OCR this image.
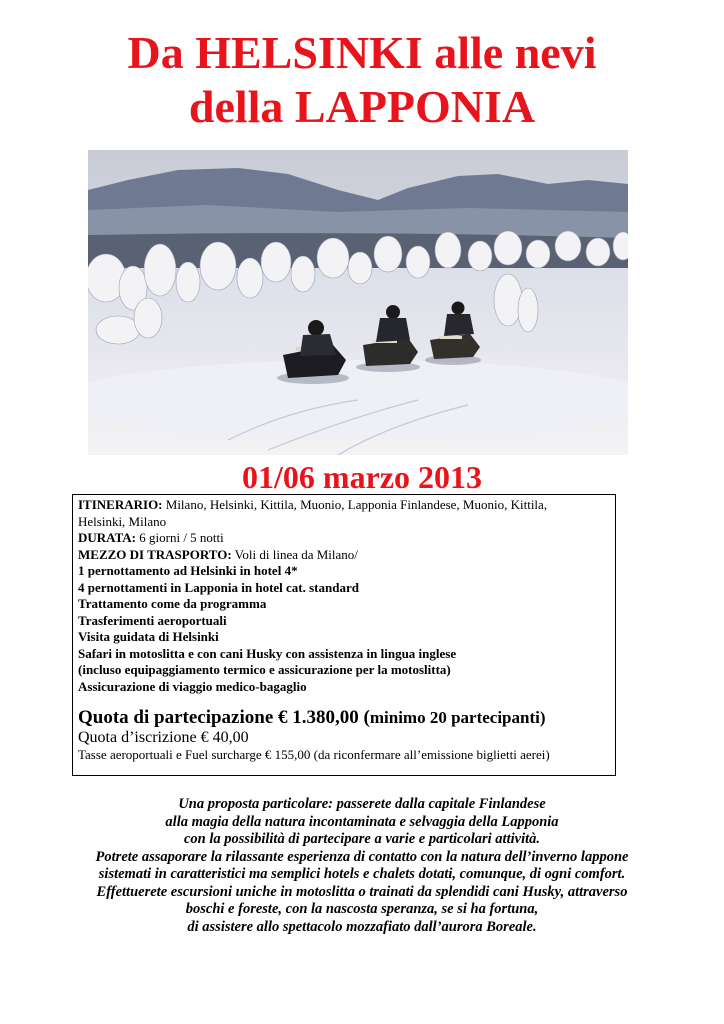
Da HELSINKI alle nevi
della LAPPONIA
01/06 marzo 2013
ITINERARIO: Milano, Helsinki, Kittila, Muonio, Lapponia Finlandese, Muonio, Kittila,
Helsinki, Milano
DURATA: 6 giorni / 5 notti
MEZZO DI TRASPORTO: Voli di linea da Milano/
1 pernottamento ad Helsinki in hotel 4*
4 pernottamenti in Lapponia in hotel cat. standard
Trattamento come da programma
Trasferimenti aeroportuali
Visita guidata di Helsinki
Safari in motoslitta e con cani Husky con assistenza in lingua inglese
(incluso equipaggiamento termico e assicurazione per la motoslitta)
Assicurazione di viaggio medico-bagaglio
Quota di partecipazione € 1.380,00 (minimo 20 partecipanti)
Quota d’iscrizione € 40,00
Tasse aeroportuali e Fuel surcharge € 155,00 (da riconfermare all’emissione biglietti aerei)
Una proposta particolare: passerete dalla capitale Finlandese
alla magia della natura incontaminata e selvaggia della Lapponia
con la possibilità di partecipare a varie e particolari attività.
Potrete assaporare la rilassante esperienza di contatto con la natura dell’inverno lappone
sistemati in caratteristici ma semplici hotels e chalets dotati, comunque, di ogni comfort.
Effettuerete escursioni uniche in motoslitta o trainati da splendidi cani Husky, attraverso
boschi e foreste, con la nascosta speranza, se si ha fortuna,
di assistere allo spettacolo mozzafiato dall’aurora Boreale.
